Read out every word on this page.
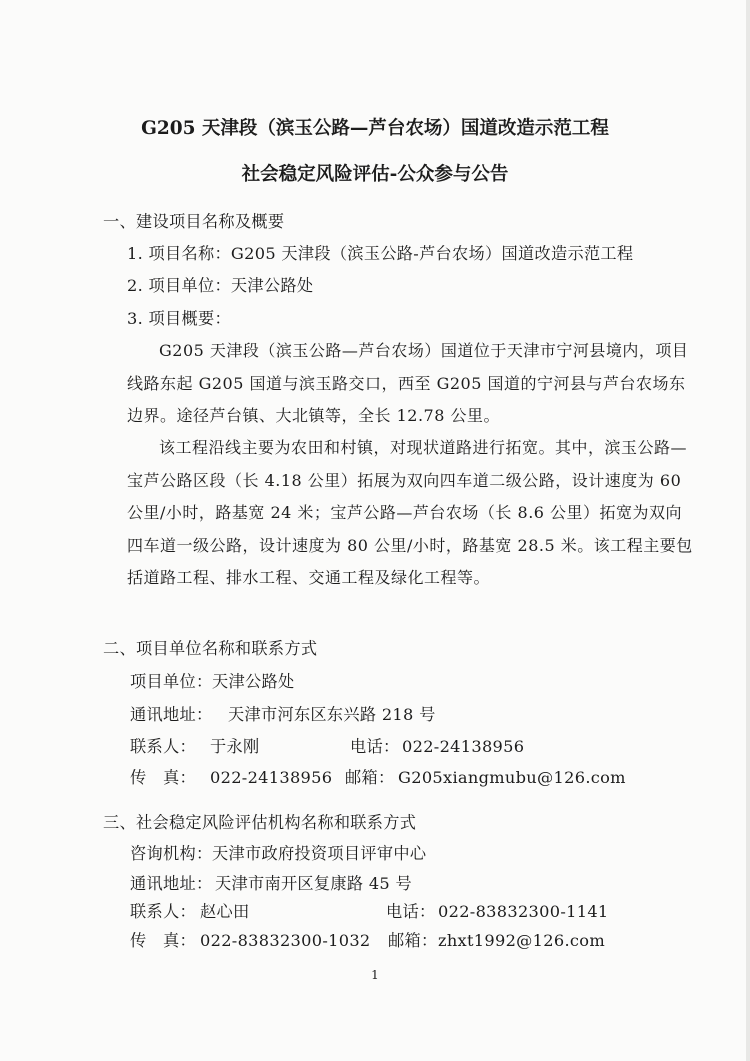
G205 天津段（滨玉公路—芦台农场）国道改造示范工程
社会稳定风险评估-公众参与公告
一、建设项目名称及概要
1. 项目名称：G205 天津段（滨玉公路-芦台农场）国道改造示范工程
2. 项目单位：天津公路处
3. 项目概要：
G205 天津段（滨玉公路—芦台农场）国道位于天津市宁河县境内，项目线路东起 G205 国道与滨玉路交口，西至 G205 国道的宁河县与芦台农场东边界。途径芦台镇、大北镇等，全长 12.78 公里。
该工程沿线主要为农田和村镇，对现状道路进行拓宽。其中，滨玉公路—宝芦公路区段（长 4.18 公里）拓展为双向四车道二级公路，设计速度为 60 公里/小时，路基宽 24 米；宝芦公路—芦台农场（长 8.6 公里）拓宽为双向四车道一级公路，设计速度为 80 公里/小时，路基宽 28.5 米。该工程主要包括道路工程、排水工程、交通工程及绿化工程等。
二、项目单位名称和联系方式
项目单位： 天津公路处
通讯地址： 天津市河东区东兴路 218 号
联系人： 于永刚	电话： 022-24138956
传　真： 022-24138956 邮箱： G205xiangmubu@126.com
三、社会稳定风险评估机构名称和联系方式
咨询机构： 天津市政府投资项目评审中心
通讯地址： 天津市南开区复康路 45 号
联系人： 赵心田	电话： 022-83832300-1141
传　真： 022-83832300-1032 邮箱： zhxt1992@126.com
1
